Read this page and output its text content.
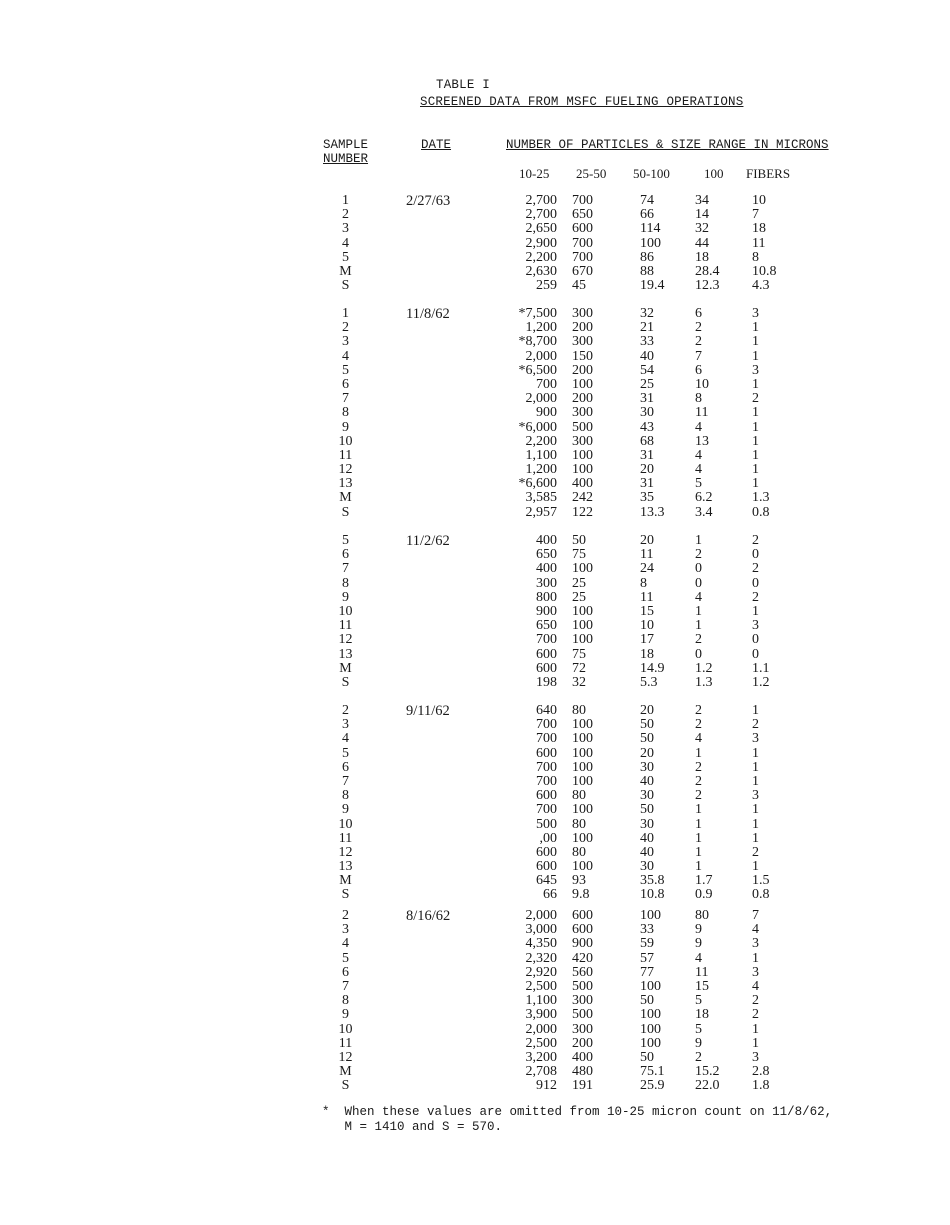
TABLE I
SCREENED DATA FROM MSFC FUELING OPERATIONS
SAMPLE
NUMBER
DATE	NUMBER OF PARTICLES & SIZE RANGE IN MICRONS
10-25 25-50 50-100	100 FIBERS
2/27/63
1
2
3
4
5
M
S
2,700
2,700
2,650
2,900
2,200
2,630
259
700
650
600
700
700
670
45
74
66
114
100
86
88
19.4
34
14
32
44
18
28.4
12.3
10
7
18
11
8
10.8
4.3
11/8/62
1
2
3
4
5
6
7
8
9
10
11
12
13
M
S
*7,500
1,200
*8,700
2,000
*6,500
700
2,000
900
*6,000
2,200
1,100
1,200
*6,600
3,585
2,957
300
200
300
150
200
100
200
300
500
300
100
100
400
242
122
32
21
33
40
54
25
31
30
43
68
31
20
31
35
13.3
6
2
2
7
6
10
8
11
4
13
4
4
5
6.2
3.4
3
1
1
1
3
1
2
1
1
1
1
1
1
1.3
0.8
11/2/62
5
6
7
8
9
10
11
12
13
M
S
400
650
400
300
800
900
650
700
600
600
198
50
75
100
25
25
100
100
100
75
72
32
20
11
24
8
11
15
10
17
18
14.9
5.3
1
2
0
0
4
1
1
2
0
1.2
1.3
2
0
2
0
2
1
3
0
0
1.1
1.2
9/11/62
2
3
4
5
6
7
8
9
10
11
12
13
M
S
640
700
700
600
700
700
600
700
500
,00
600
600
645
66
80
100
100
100
100
100
80
100
80
100
80
100
93
9.8
20
50
50
20
30
40
30
50
30
40
40
30
35.8
10.8
2
2
4
1
2
2
2
1
1
1
1
1
1.7
0.9
1
2
3
1
1
1
3
1
1
1
2
1
1.5
0.8
8/16/62
2
3
4
5
6
7
8
9
10
11
12
M
S
2,000
3,000
4,350
2,320
2,920
2,500
1,100
3,900
2,000
2,500
3,200
2,708
912
600
600
900
420
560
500
300
500
300
200
400
480
191
100
33
59
57
77
100
50
100
100
100
50
75.1
25.9
80
9
9
4
11
15
5
18
5
9
2
15.2
22.0
7
4
3
1
3
4
2
2
1
1
3
2.8
1.8
*  When these values are omitted from 10-25 micron count on 11/8/62,
M = 1410 and S = 570.
